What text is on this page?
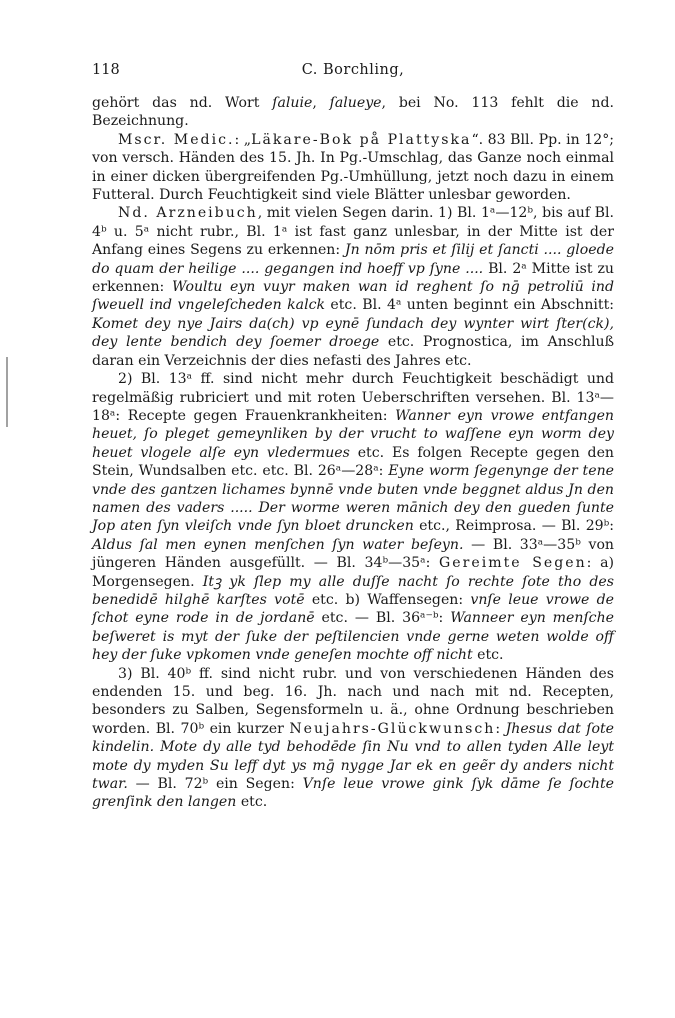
118	C. Borchling,

gehört das nd. Wort ſaluie, ſalueye, bei No. 113 fehlt die nd. Bezeichnung.

Mscr. Medic.: „Läkare-Bok på Plattyska“. 83 Bll. Pp. in 12°; von versch. Händen des 15. Jh. In Pg.-Umschlag, das Ganze noch einmal in einer dicken übergreifenden Pg.-Umhüllung, jetzt noch dazu in einem Futteral. Durch Feuchtigkeit sind viele Blätter unlesbar geworden.

Nd. Arzneibuch, mit vielen Segen darin. 1) Bl. 1ᵃ—12ᵇ, bis auf Bl. 4ᵇ u. 5ᵃ nicht rubr., Bl. 1ᵃ ist fast ganz unlesbar, in der Mitte ist der Anfang eines Segens zu erkennen: Jn nōm pris et ſilij et ſancti .... gloede do quam der heilige .... gegangen ind hoeff vp ſyne .... Bl. 2ᵃ Mitte ist zu erkennen: Woultu eyn vuyr maken wan id reghent ſo nḡ petroliū ind ſweuell ind vngeleſcheden kalck etc. Bl. 4ᵃ unten beginnt ein Abschnitt: Komet dey nye Jairs da(ch) vp eynē ſundach dey wynter wirt ſter(ck), dey lente bendich dey ſoemer droege etc. Prognostica, im Anschluß daran ein Verzeichnis der dies nefasti des Jahres etc.

2) Bl. 13ᵃ ff. sind nicht mehr durch Feuchtigkeit beschädigt und regelmäßig rubriciert und mit roten Ueberschriften versehen. Bl. 13ᵃ—18ᵃ: Recepte gegen Frauenkrankheiten: Wanner eyn vrowe entfangen heuet, ſo pleget gemeynliken by der vrucht to waſſene eyn worm dey heuet vlogele alſe eyn vledermues etc. Es folgen Recepte gegen den Stein, Wundsalben etc. etc. Bl. 26ᵃ—28ᵃ: Eyne worm ſegenynge der tene vnde des gantzen lichames bynnē vnde buten vnde beggnet aldus Jn den namen des vaders ..... Der worme weren mānich dey den gueden ſunte Jop aten ſyn vleiſch vnde ſyn bloet druncken etc., Reimprosa. — Bl. 29ᵇ: Aldus ſal men eynen menſchen ſyn water beſeyn. — Bl. 33ᵃ—35ᵇ von jüngeren Händen ausgefüllt. — Bl. 34ᵇ—35ᵃ: Gereimte Segen: a) Morgensegen. Itꝫ yk ſlep my alle duſſe nacht ſo rechte ſote tho des benedidē hilghē karſtes votē etc. b) Waffensegen: vnſe leue vrowe de ſchot eyne rode in de jordanē etc. — Bl. 36ᵃ⁻ᵇ: Wanneer eyn menſche beſweret is myt der ſuke der peſtilencien vnde gerne weten wolde off hey der ſuke vpkomen vnde geneſen mochte off nicht etc.

3) Bl. 40ᵇ ff. sind nicht rubr. und von verschiedenen Händen des endenden 15. und beg. 16. Jh. nach und nach mit nd. Recepten, besonders zu Salben, Segensformeln u. ä., ohne Ordnung beschrieben worden. Bl. 70ᵇ ein kurzer Neujahrs-Glückwunsch: Jhesus dat ſote kindelin. Mote dy alle tyd behodēde ſin Nu vnd to allen tyden Alle leyt mote dy myden Su leff dyt ys mḡ nygge Jar ek en geẽr dy anders nicht twar. — Bl. 72ᵇ ein Segen: Vnſe leue vrowe gink ſyk dāme ſe ſochte grenſink den langen etc.
